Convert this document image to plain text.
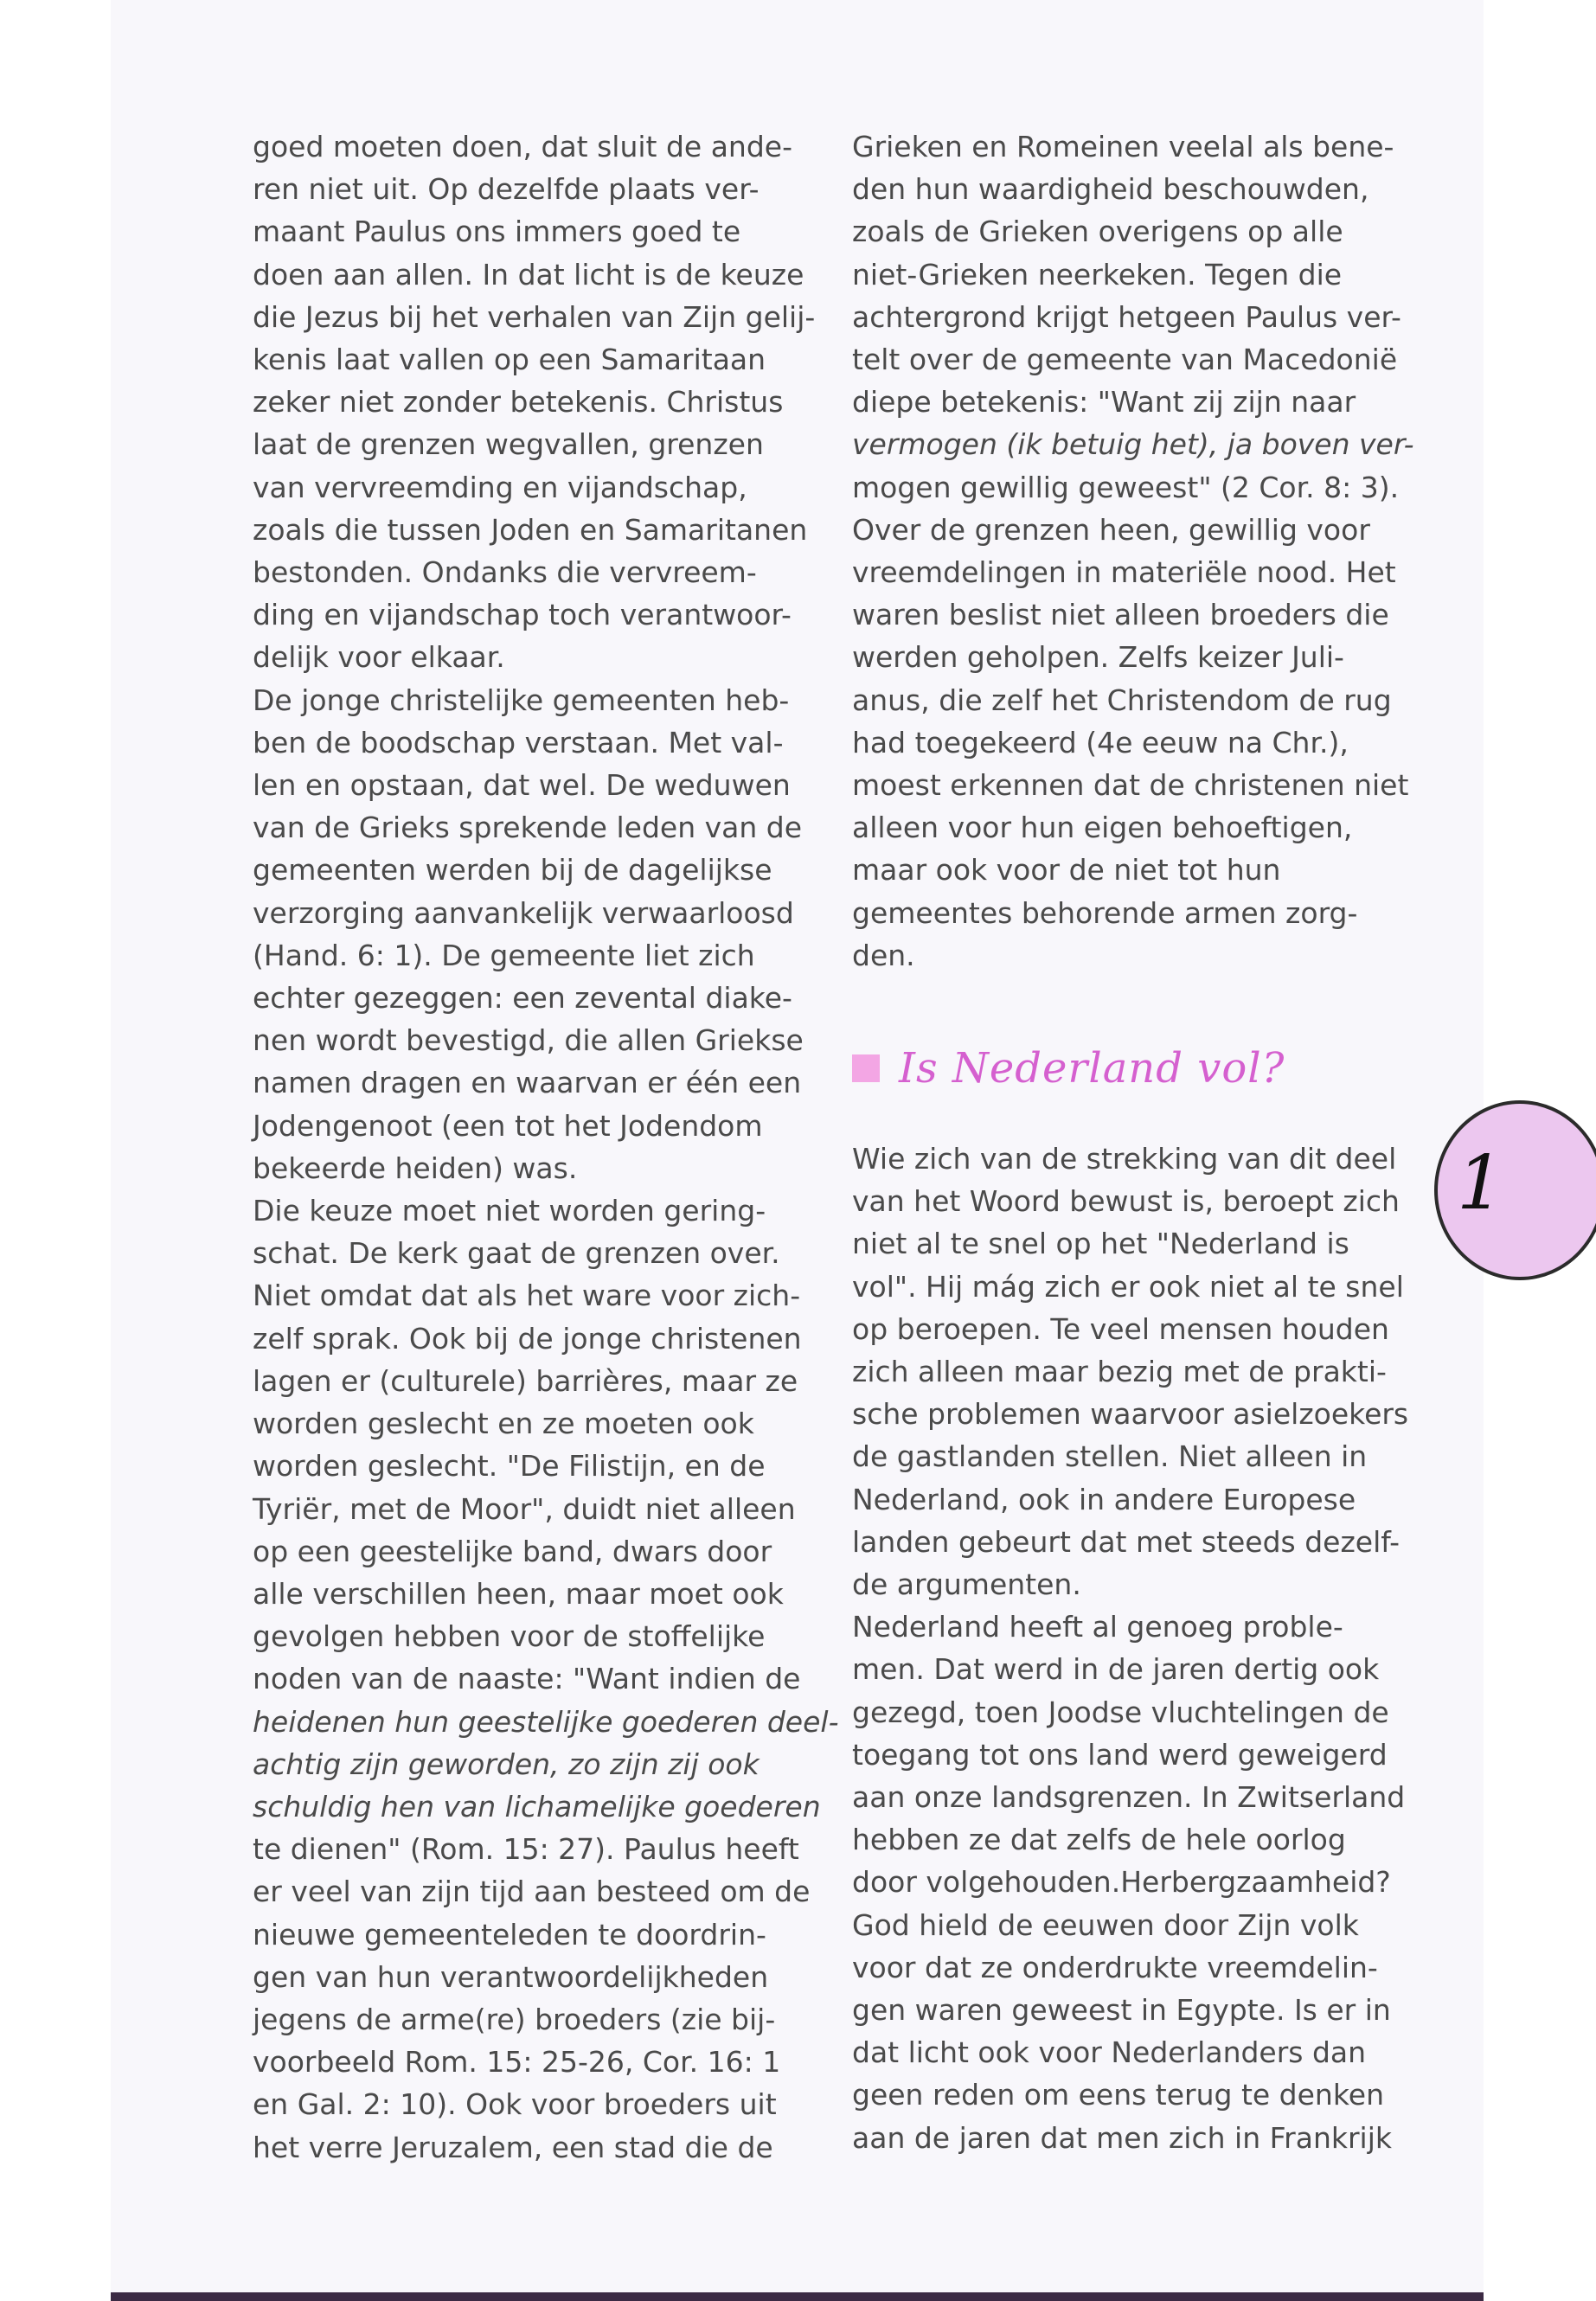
goed moeten doen, dat sluit de ande-
ren niet uit. Op dezelfde plaats ver-
maant Paulus ons immers goed te
doen aan allen. In dat licht is de keuze
die Jezus bij het verhalen van Zijn gelij-
kenis laat vallen op een Samaritaan
zeker niet zonder betekenis. Christus
laat de grenzen wegvallen, grenzen
van vervreemding en vijandschap,
zoals die tussen Joden en Samaritanen
bestonden. Ondanks die vervreem-
ding en vijandschap toch verantwoor-
delijk voor elkaar.
De jonge christelijke gemeenten heb-
ben de boodschap verstaan. Met val-
len en opstaan, dat wel. De weduwen
van de Grieks sprekende leden van de
gemeenten werden bij de dagelijkse
verzorging aanvankelijk verwaarloosd
(Hand. 6: 1). De gemeente liet zich
echter gezeggen: een zevental diake-
nen wordt bevestigd, die allen Griekse
namen dragen en waarvan er één een
Jodengenoot (een tot het Jodendom
bekeerde heiden) was.
Die keuze moet niet worden gering-
schat. De kerk gaat de grenzen over.
Niet omdat dat als het ware voor zich-
zelf sprak. Ook bij de jonge christenen
lagen er (culturele) barrières, maar ze
worden geslecht en ze moeten ook
worden geslecht. "De Filistijn, en de
Tyriër, met de Moor", duidt niet alleen
op een geestelijke band, dwars door
alle verschillen heen, maar moet ook
gevolgen hebben voor de stoffelijke
noden van de naaste: "Want indien de
heidenen hun geestelijke goederen deel-
achtig zijn geworden, zo zijn zij ook
schuldig hen van lichamelijke goederen
te dienen" (Rom. 15: 27). Paulus heeft
er veel van zijn tijd aan besteed om de
nieuwe gemeenteleden te doordrin-
gen van hun verantwoordelijkheden
jegens de arme(re) broeders (zie bij-
voorbeeld Rom. 15: 25-26, Cor. 16: 1
en Gal. 2: 10). Ook voor broeders uit
het verre Jeruzalem, een stad die de
Grieken en Romeinen veelal als bene-
den hun waardigheid beschouwden,
zoals de Grieken overigens op alle
niet-Grieken neerkeken. Tegen die
achtergrond krijgt hetgeen Paulus ver-
telt over de gemeente van Macedonië
diepe betekenis: "Want zij zijn naar
vermogen (ik betuig het), ja boven ver-
mogen gewillig geweest" (2 Cor. 8: 3).
Over de grenzen heen, gewillig voor
vreemdelingen in materiële nood. Het
waren beslist niet alleen broeders die
werden geholpen. Zelfs keizer Juli-
anus, die zelf het Christendom de rug
had toegekeerd (4e eeuw na Chr.),
moest erkennen dat de christenen niet
alleen voor hun eigen behoeftigen,
maar ook voor de niet tot hun
gemeentes behorende armen zorg-
den.
Is Nederland vol?
Wie zich van de strekking van dit deel
van het Woord bewust is, beroept zich
niet al te snel op het "Nederland is
vol". Hij mág zich er ook niet al te snel
op beroepen. Te veel mensen houden
zich alleen maar bezig met de prakti-
sche problemen waarvoor asielzoekers
de gastlanden stellen. Niet alleen in
Nederland, ook in andere Europese
landen gebeurt dat met steeds dezelf-
de argumenten.
Nederland heeft al genoeg proble-
men. Dat werd in de jaren dertig ook
gezegd, toen Joodse vluchtelingen de
toegang tot ons land werd geweigerd
aan onze landsgrenzen. In Zwitserland
hebben ze dat zelfs de hele oorlog
door volgehouden.Herbergzaamheid?
God hield de eeuwen door Zijn volk
voor dat ze onderdrukte vreemdelin-
gen waren geweest in Egypte. Is er in
dat licht ook voor Nederlanders dan
geen reden om eens terug te denken
aan de jaren dat men zich in Frankrijk
1
